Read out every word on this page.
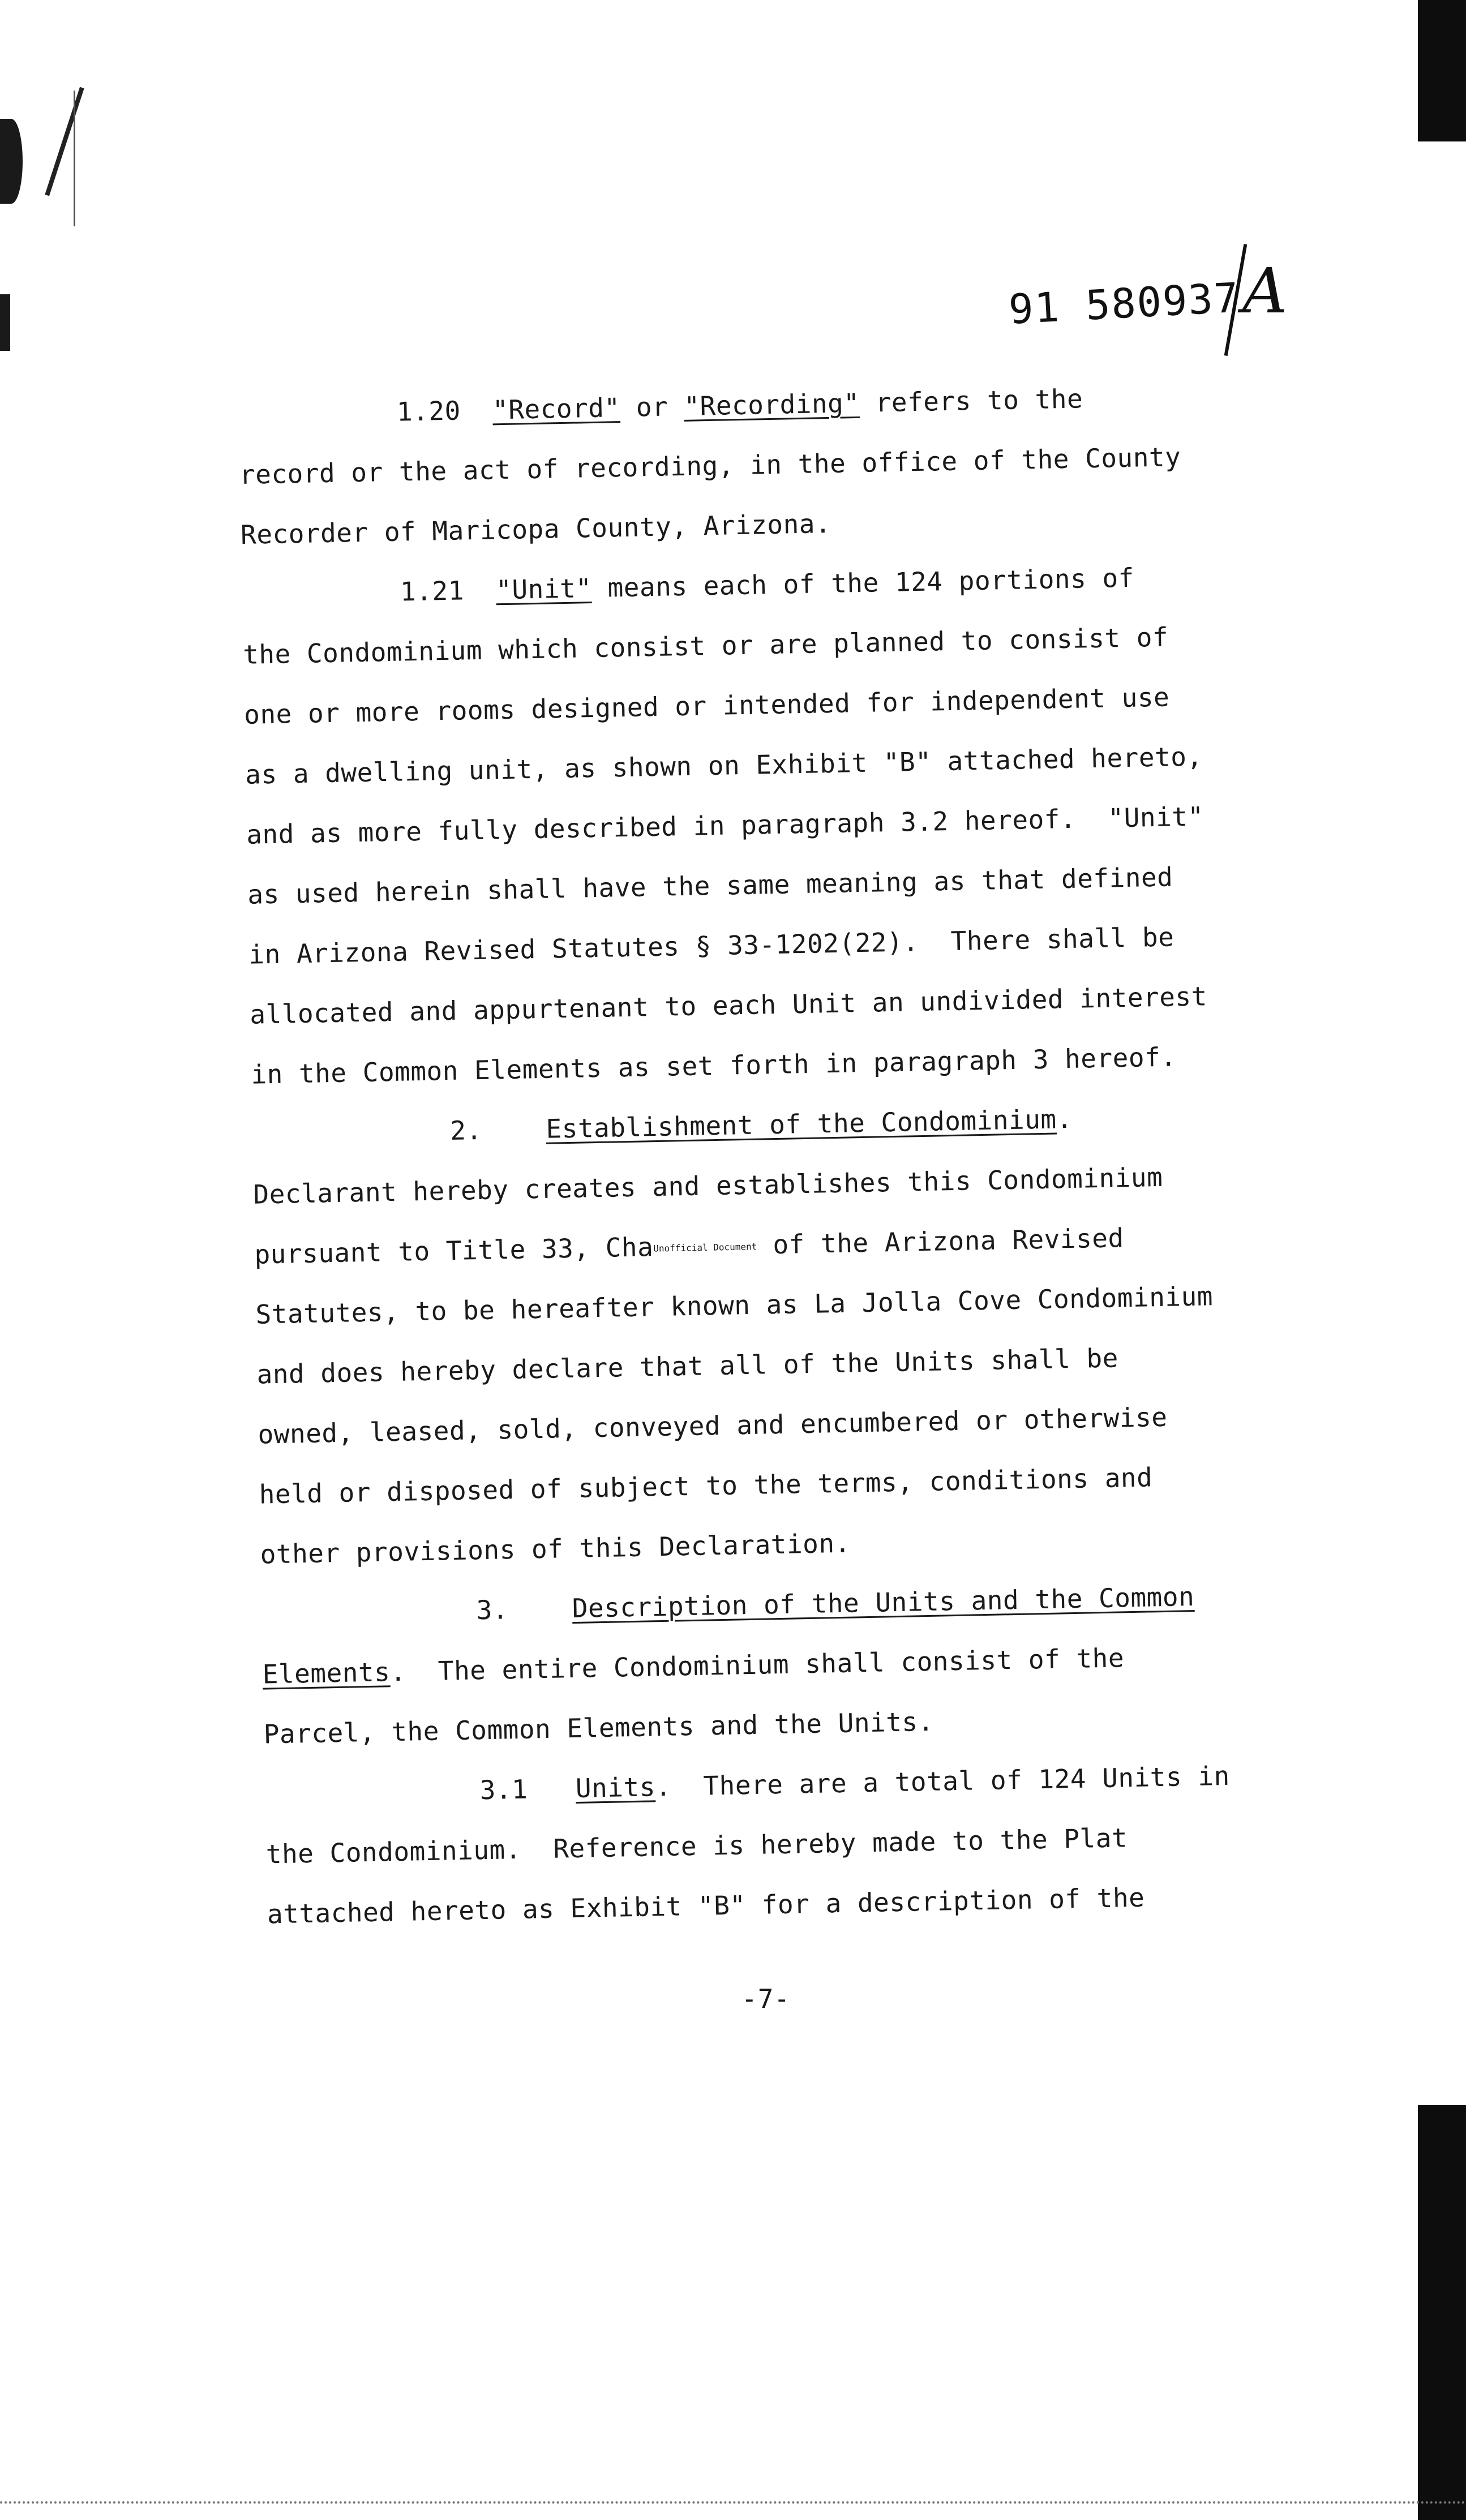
91 580937 A
1.20  "Record" or "Recording" refers to the
record or the act of recording, in the office of the County
Recorder of Maricopa County, Arizona.
1.21  "Unit" means each of the 124 portions of
the Condominium which consist or are planned to consist of
one or more rooms designed or intended for independent use
as a dwelling unit, as shown on Exhibit "B" attached hereto,
and as more fully described in paragraph 3.2 hereof.  "Unit"
as used herein shall have the same meaning as that defined
in Arizona Revised Statutes § 33-1202(22).  There shall be
allocated and appurtenant to each Unit an undivided interest
in the Common Elements as set forth in paragraph 3 hereof.
2.    Establishment of the Condominium.
Declarant hereby creates and establishes this Condominium
pursuant to Title 33, ChaUnofficial Document of the Arizona Revised
Statutes, to be hereafter known as La Jolla Cove Condominium
and does hereby declare that all of the Units shall be
owned, leased, sold, conveyed and encumbered or otherwise
held or disposed of subject to the terms, conditions and
other provisions of this Declaration.
3.    Description of the Units and the Common
Elements.  The entire Condominium shall consist of the
Parcel, the Common Elements and the Units.
3.1   Units.  There are a total of 124 Units in
the Condominium.  Reference is hereby made to the Plat
attached hereto as Exhibit "B" for a description of the
-7-
